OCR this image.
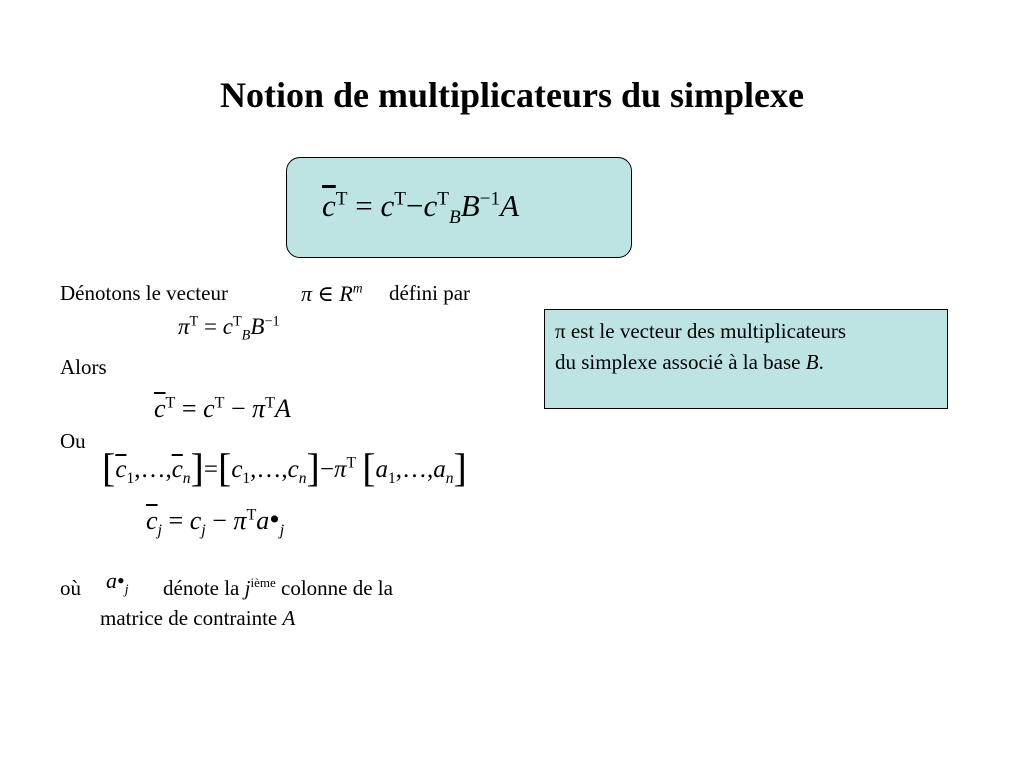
Notion de multiplicateurs du simplexe
$\overline{c}^T = c^T-c^T_BB^{-1}A$
Dénotons le vecteur	π ∈ $R^m$ défini par
$\pi^T = c^T_BB^{-1}$
Alors
$\overline{c}^T = c^T - \pi^TA$
Ou
$[\overline{c}_1,\dots,\overline{c}_n]=[c_1,\dots,c_n]-\pi^T$ $[a_1,\dots,a_n]$
$\overline{c}_j = c_j$ − $\pi^Ta•_j$
où $a•_j$ dénote la $j^{ième}$ colonne de la
matrice de contrainte A
π est le vecteur des multiplicateurs
du simplexe associé à la base B.
